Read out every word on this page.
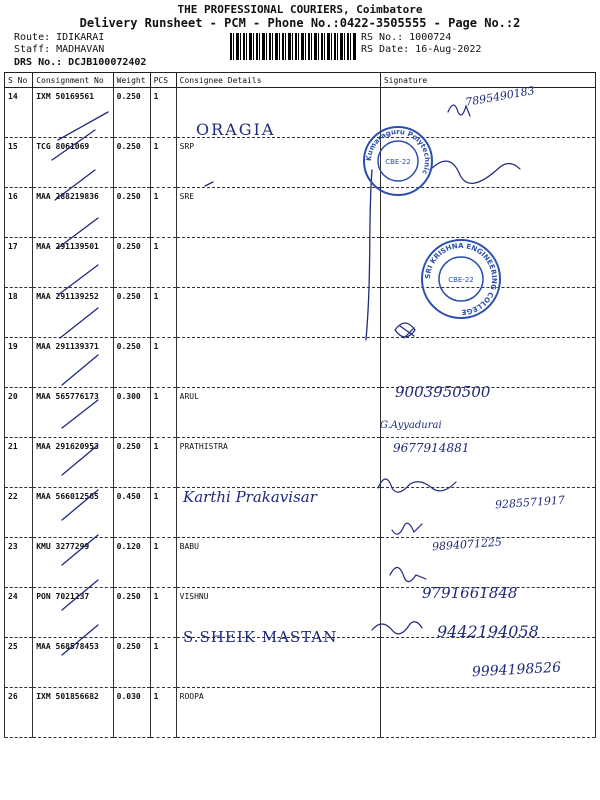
THE PROFESSIONAL COURIERS, Coimbatore
Delivery Runsheet - PCM - Phone No.:0422-3505555 - Page No.:2
Route: IDIKARAI
Staff: MADHAVAN
DRS No.: DCJB100072402
RS No.: 1000724
RS Date: 16-Aug-2022
S No	Consignment No	Weight	PCS	Consignee Details	Signature
14	IXM 50169561	0.250	1		
15	TCG 8061069	0.250	1	SRP	
16	MAA 288219836	0.250	1	SRE	
17	MAA 291139501	0.250	1		
18	MAA 291139252	0.250	1		
19	MAA 291139371	0.250	1		
20	MAA 565776173	0.300	1	ARUL	
21	MAA 291620953	0.250	1	PRATHISTRA	
22	MAA 566012565	0.450	1		
23	KMU 3277299	0.120	1	BABU	
24	PON 7021237	0.250	1	VISHNU	
25	MAA 568578453	0.250	1		
26	IXM 501856682	0.030	1	ROOPA	
Kumaraguru Polytechnic
CBE-22
SRI KRISHNA ENGINEERING COLLEGE
CBE-22
7895490183
ORAGIA
9003950500
G.Ayyadurai
9677914881
Karthi Prakavisar	9285571917
9894071225
9791661848
S.SHEIK MASTAN	9442194058
9994198526
